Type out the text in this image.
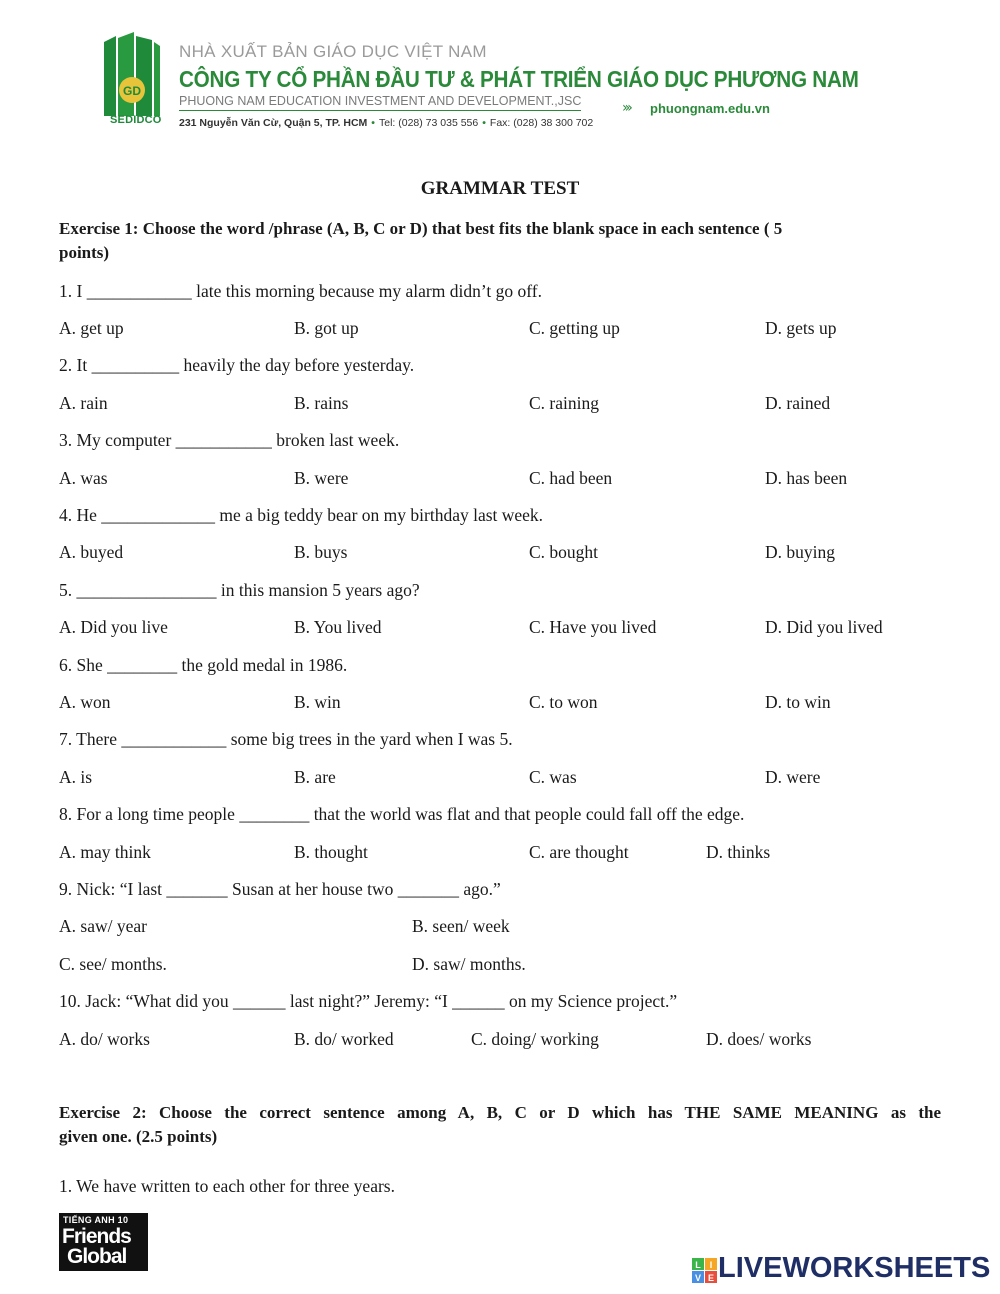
GD
SEDIDCO
NHÀ XUẤT BẢN GIÁO DỤC VIỆT NAM
CÔNG TY CỔ PHẦN ĐẦU TƯ & PHÁT TRIỂN GIÁO DỤC PHƯƠNG NAM
PHUONG NAM EDUCATION INVESTMENT AND DEVELOPMENT.,JSC	››› phuongnam.edu.vn
231 Nguyễn Văn Cừ, Quận 5, TP. HCM • Tel: (028) 73 035 556 • Fax: (028) 38 300 702
GRAMMAR TEST
Exercise 1: Choose the word /phrase (A, B, C or D) that best fits the blank space in each sentence ( 5
points)
1. I ____________ late this morning because my alarm didn’t go off.
A. get up	B. got up	C. getting up	D. gets up
2. It __________ heavily the day before yesterday.
A. rain	B. rains	C. raining	D. rained
3. My computer ___________ broken last week.
A. was	B. were	C. had been	D. has been
4. He _____________ me a big teddy bear on my birthday last week.
A. buyed	B. buys	C. bought	D. buying
5. ________________ in this mansion 5 years ago?
A. Did you live	B. You lived	C. Have you lived	D. Did you lived
6. She ________ the gold medal in 1986.
A. won	B. win	C. to won	D. to win
7. There ____________ some big trees in the yard when I was 5.
A. is	B. are	C. was	D. were
8. For a long time people ________ that the world was flat and that people could fall off the edge.
A. may think	B. thought	C. are thought	D. thinks
9. Nick: “I last _______ Susan at her house two _______ ago.”
A. saw/ year	B. seen/ week
C. see/ months.	D. saw/ months.
10. Jack: “What did you ______ last night?” Jeremy: “I ______ on my Science project.”
A. do/ works	B. do/ worked	C. doing/ working	D. does/ works
Exercise 2: Choose the correct sentence among A, B, C or D which has THE SAME MEANING as the
given one. (2.5 points)
1. We have written to each other for three years.
TIẾNG ANH 10
Friends
Global	L I
V E LIVEWORKSHEETS
